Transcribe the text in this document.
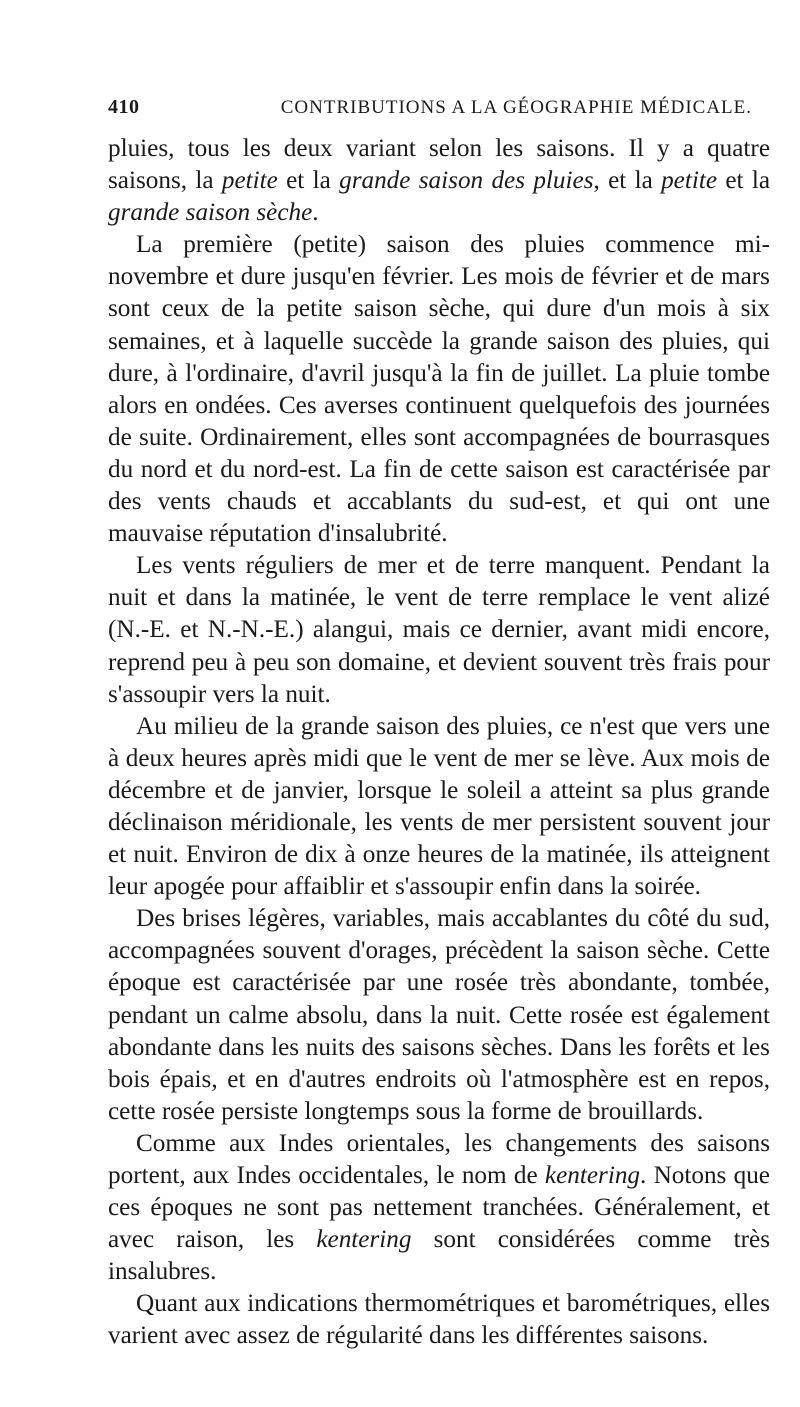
410	CONTRIBUTIONS A LA GÉOGRAPHIE MÉDICALE.

pluies, tous les deux variant selon les saisons. Il y a quatre saisons, la petite et la grande saison des pluies, et la petite et la grande saison sèche.

La première (petite) saison des pluies commence mi-novembre et dure jusqu'en février. Les mois de février et de mars sont ceux de la petite saison sèche, qui dure d'un mois à six semaines, et à laquelle succède la grande saison des pluies, qui dure, à l'ordinaire, d'avril jusqu'à la fin de juillet. La pluie tombe alors en ondées. Ces averses continuent quelquefois des journées de suite. Ordinairement, elles sont accompagnées de bourrasques du nord et du nord-est. La fin de cette saison est caractérisée par des vents chauds et accablants du sud-est, et qui ont une mauvaise réputation d'insalubrité.

Les vents réguliers de mer et de terre manquent. Pendant la nuit et dans la matinée, le vent de terre remplace le vent alizé (N.-E. et N.-N.-E.) alangui, mais ce dernier, avant midi encore, reprend peu à peu son domaine, et devient souvent très frais pour s'assoupir vers la nuit.

Au milieu de la grande saison des pluies, ce n'est que vers une à deux heures après midi que le vent de mer se lève. Aux mois de décembre et de janvier, lorsque le soleil a atteint sa plus grande déclinaison méridionale, les vents de mer persistent souvent jour et nuit. Environ de dix à onze heures de la matinée, ils atteignent leur apogée pour affaiblir et s'assoupir enfin dans la soirée.

Des brises légères, variables, mais accablantes du côté du sud, accompagnées souvent d'orages, précèdent la saison sèche. Cette époque est caractérisée par une rosée très abondante, tombée, pendant un calme absolu, dans la nuit. Cette rosée est également abondante dans les nuits des saisons sèches. Dans les forêts et les bois épais, et en d'autres endroits où l'atmosphère est en repos, cette rosée persiste longtemps sous la forme de brouillards.

Comme aux Indes orientales, les changements des saisons portent, aux Indes occidentales, le nom de kentering. Notons que ces époques ne sont pas nettement tranchées. Généralement, et avec raison, les kentering sont considérées comme très insalubres.

Quant aux indications thermométriques et barométriques, elles varient avec assez de régularité dans les différentes saisons.
